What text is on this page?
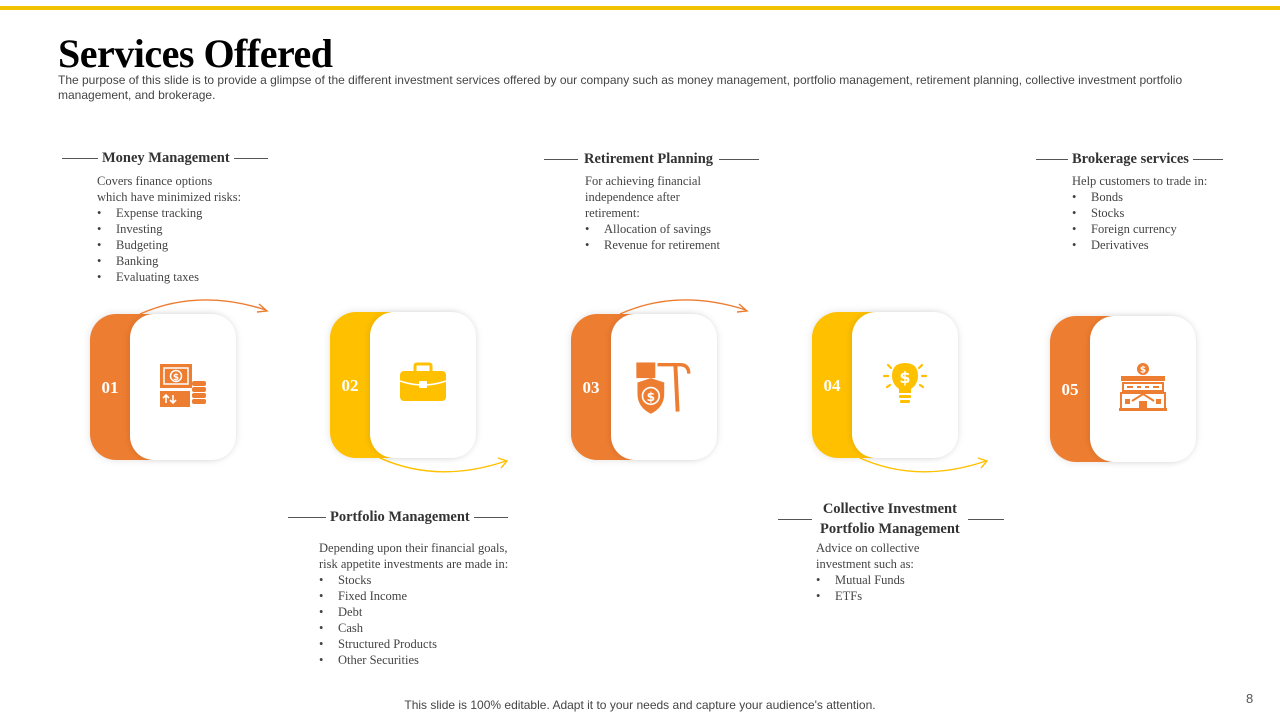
Services Offered
The purpose of this slide is to provide a glimpse of the different investment services offered by our company such as money management, portfolio management, retirement planning, collective investment portfolio management, and brokerage.
Money Management
Covers finance options
which have minimized risks:
• Expense tracking
• Investing
• Budgeting
• Banking
• Evaluating taxes
Portfolio Management
Depending upon their financial goals,
risk appetite investments are made in:
• Stocks
• Fixed Income
• Debt
• Cash
• Structured Products
• Other Securities
Retirement Planning
For achieving financial
independence after
retirement:
• Allocation of savings
• Revenue for retirement
Collective Investment
Portfolio Management
Advice on collective
investment such as:
• Mutual Funds
• ETFs
Brokerage services
Help customers to trade in:
• Bonds
• Stocks
• Foreign currency
• Derivatives
01	$	02	03	$
04	$
05
$
This slide is 100% editable. Adapt it to your needs and capture your audience's attention.	8
